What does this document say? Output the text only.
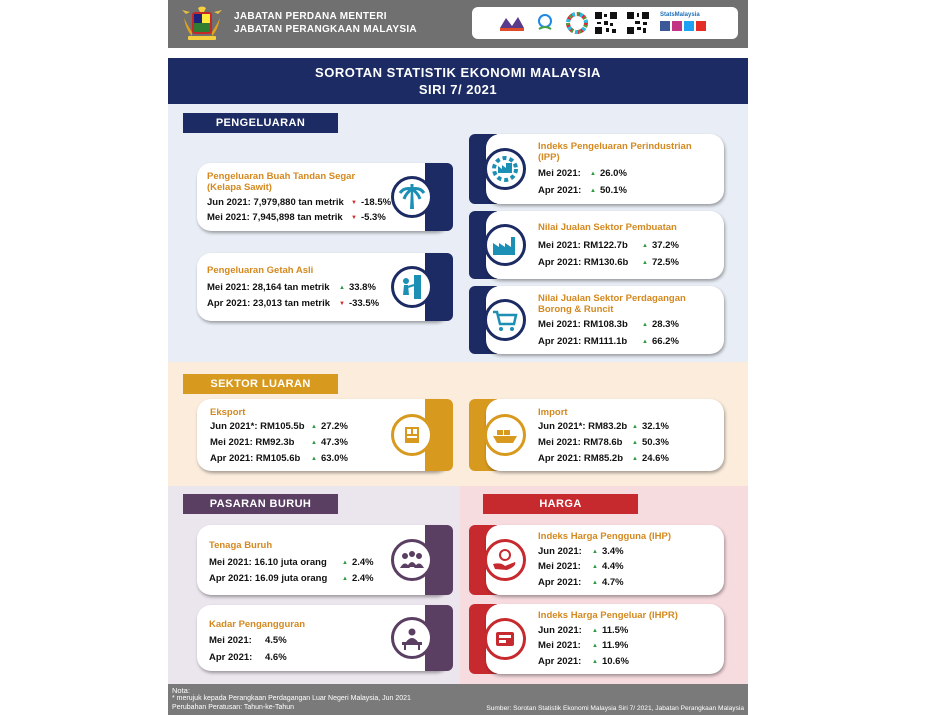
JABATAN PERDANA MENTERI
JABATAN PERANGKAAN MALAYSIA
StatsMalaysia
SOROTAN STATISTIK EKONOMI MALAYSIA
SIRI 7/ 2021
PENGELUARAN
SEKTOR LUARAN
PASARAN BURUH	HARGA
Pengeluaran Buah Tandan Segar
(Kelapa Sawit)
Jun 2021: 7,979,880 tan metrik	▼ -18.5%
Mei 2021: 7,945,898 tan metrik	▼ -5.3%
Pengeluaran Getah Asli
Mei 2021: 28,164 tan metrik	▲ 33.8%
Apr 2021: 23,013 tan metrik	▼ -33.5%
Indeks Pengeluaran Perindustrian
(IPP)
Mei 2021:	▲ 26.0%
Apr 2021:	▲ 50.1%
Nilai Jualan Sektor Pembuatan
Mei 2021: RM122.7b	▲ 37.2%
Apr 2021: RM130.6b	▲ 72.5%
Nilai Jualan Sektor Perdagangan
Borong & Runcit
Mei 2021: RM108.3b	▲ 28.3%
Apr 2021: RM111.1b	▲ 66.2%
Eksport
Jun 2021*: RM105.5b	▲ 27.2%
Mei 2021: RM92.3b	▲ 47.3%
Apr 2021: RM105.6b	▲ 63.0%
Import
Jun 2021*: RM83.2b	▲ 32.1%
Mei 2021: RM78.6b	▲ 50.3%
Apr 2021: RM85.2b	▲ 24.6%
Tenaga Buruh
Mei 2021: 16.10 juta orang	▲ 2.4%
Apr 2021: 16.09 juta orang	▲ 2.4%
Kadar Pengangguran
Mei 2021: 4.5%
Apr 2021: 4.6%
Indeks Harga Pengguna (IHP)
Jun 2021:	▲ 3.4%
Mei 2021:	▲ 4.4%
Apr 2021:	▲ 4.7%
Indeks Harga Pengeluar (IHPR)
Jun 2021:	▲ 11.5%
Mei 2021:	▲ 11.9%
Apr 2021:	▲ 10.6%
Nota:
* merujuk kepada Perangkaan Perdagangan Luar Negeri Malaysia, Jun 2021
Perubahan Peratusan: Tahun-ke-Tahun	Sumber: Sorotan Statistik Ekonomi Malaysia Siri 7/ 2021, Jabatan Perangkaan Malaysia
